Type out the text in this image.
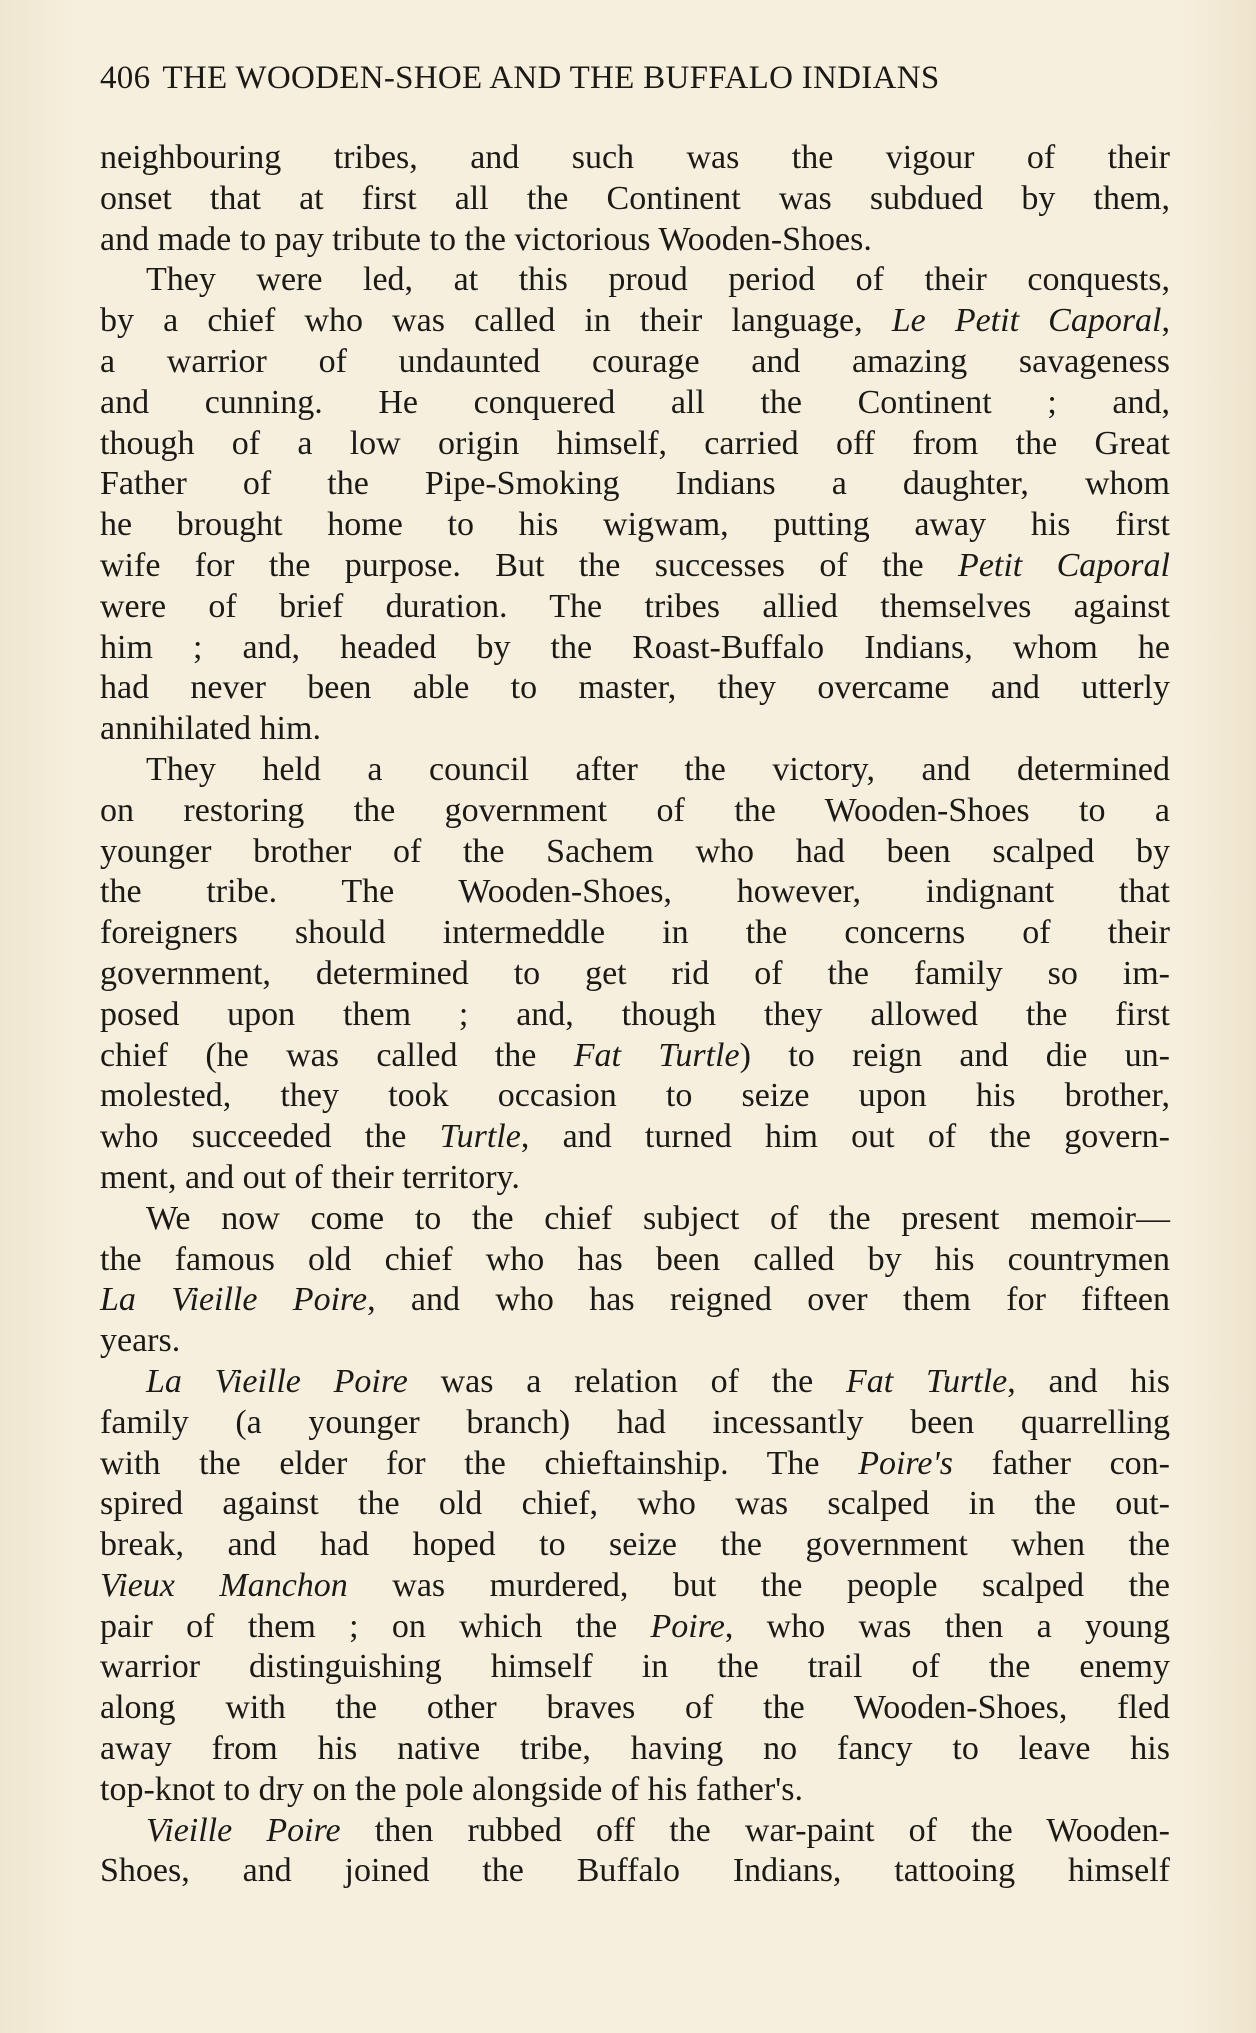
406 THE WOODEN-SHOE AND THE BUFFALO INDIANS
neighbouring tribes, and such was the vigour of their
onset that at first all the Continent was subdued by them,
and made to pay tribute to the victorious Wooden-Shoes.
They were led, at this proud period of their conquests,
by a chief who was called in their language, Le Petit Caporal,
a warrior of undaunted courage and amazing savageness
and cunning. He conquered all the Continent ; and,
though of a low origin himself, carried off from the Great
Father of the Pipe-Smoking Indians a daughter, whom
he brought home to his wigwam, putting away his first
wife for the purpose. But the successes of the Petit Caporal
were of brief duration. The tribes allied themselves against
him ; and, headed by the Roast-Buffalo Indians, whom he
had never been able to master, they overcame and utterly
annihilated him.
They held a council after the victory, and determined
on restoring the government of the Wooden-Shoes to a
younger brother of the Sachem who had been scalped by
the tribe. The Wooden-Shoes, however, indignant that
foreigners should intermeddle in the concerns of their
government, determined to get rid of the family so im-
posed upon them ; and, though they allowed the first
chief (he was called the Fat Turtle) to reign and die un-
molested, they took occasion to seize upon his brother,
who succeeded the Turtle, and turned him out of the govern-
ment, and out of their territory.
We now come to the chief subject of the present memoir—
the famous old chief who has been called by his countrymen
La Vieille Poire, and who has reigned over them for fifteen
years.
La Vieille Poire was a relation of the Fat Turtle, and his
family (a younger branch) had incessantly been quarrelling
with the elder for the chieftainship. The Poire's father con-
spired against the old chief, who was scalped in the out-
break, and had hoped to seize the government when the
Vieux Manchon was murdered, but the people scalped the
pair of them ; on which the Poire, who was then a young
warrior distinguishing himself in the trail of the enemy
along with the other braves of the Wooden-Shoes, fled
away from his native tribe, having no fancy to leave his
top-knot to dry on the pole alongside of his father's.
Vieille Poire then rubbed off the war-paint of the Wooden-
Shoes, and joined the Buffalo Indians, tattooing himself
